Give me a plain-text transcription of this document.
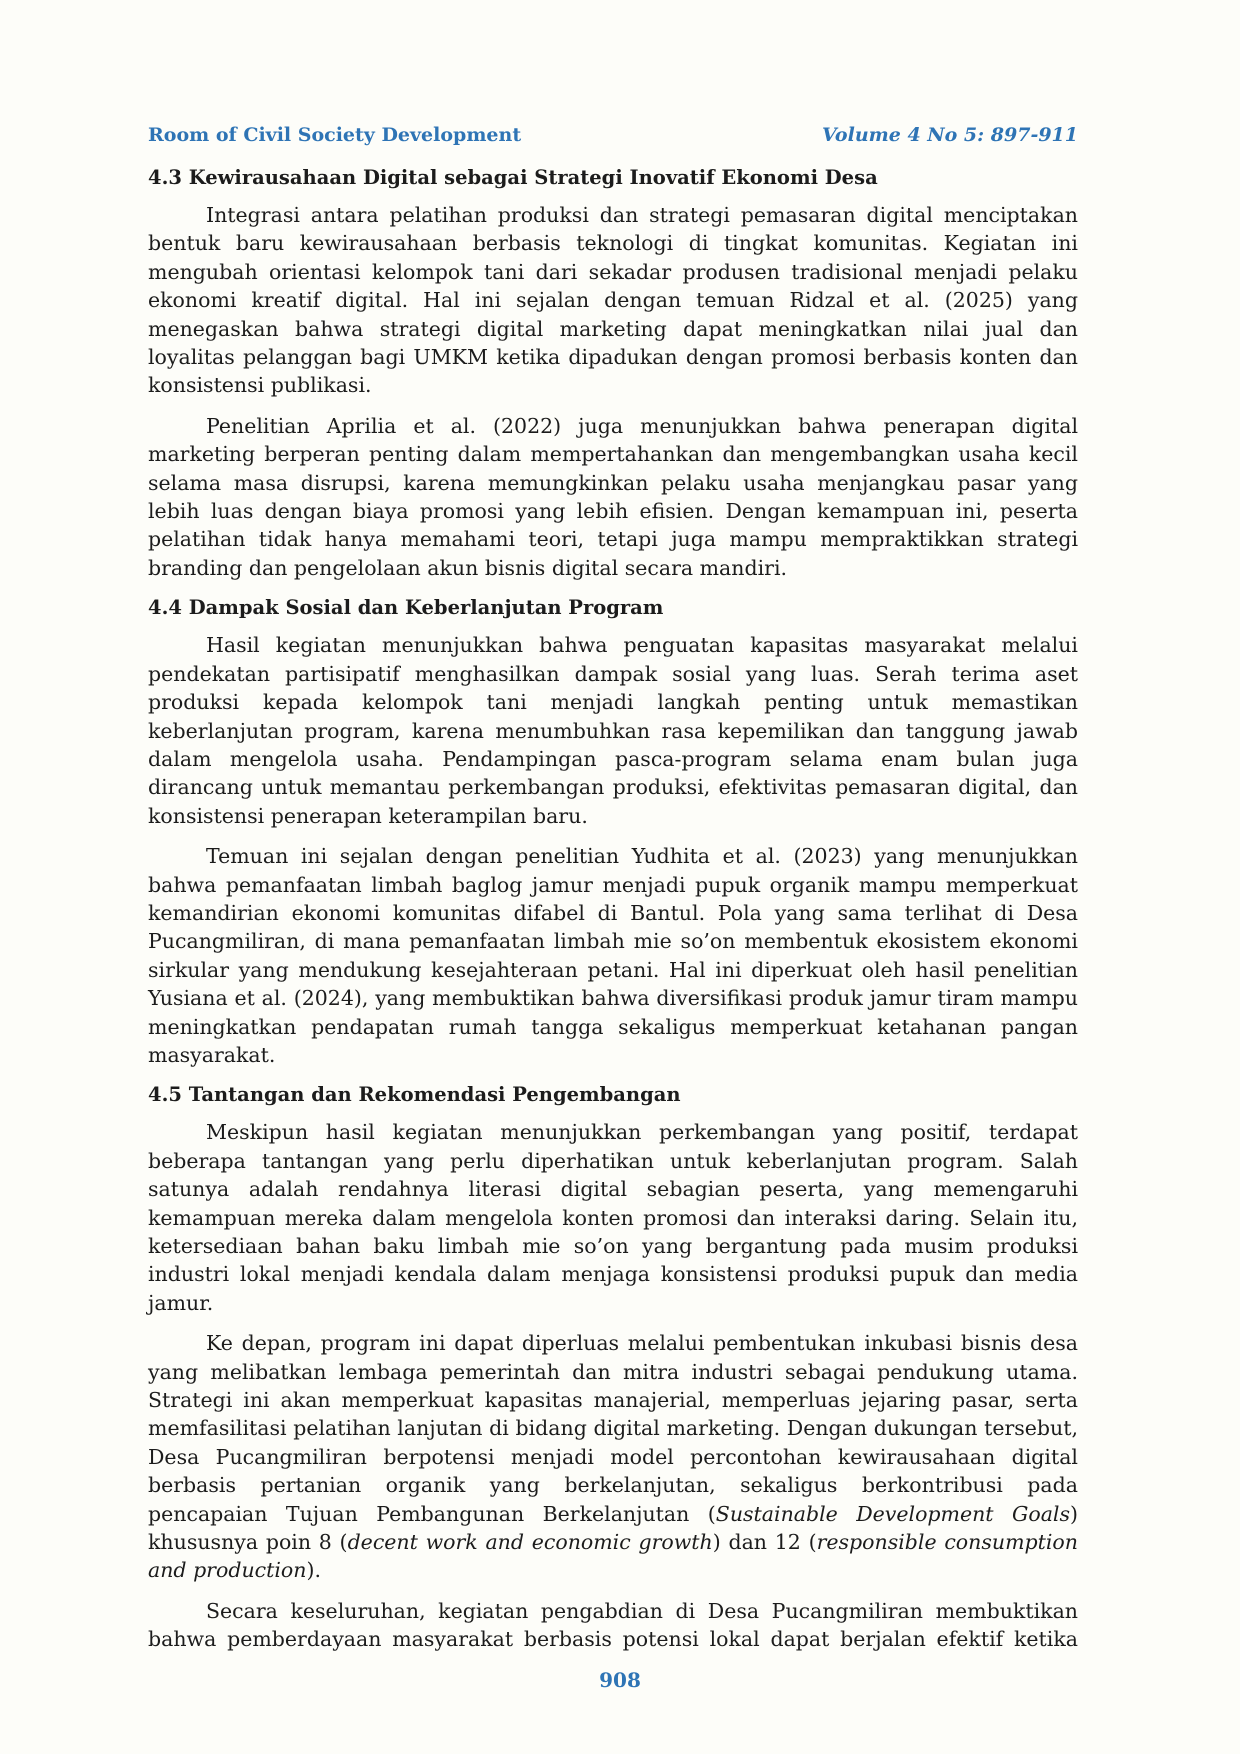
Room of Civil Society Development	Volume 4 No 5: 897-911
4.3 Kewirausahaan Digital sebagai Strategi Inovatif Ekonomi Desa

Integrasi antara pelatihan produksi dan strategi pemasaran digital menciptakan bentuk baru kewirausahaan berbasis teknologi di tingkat komunitas. Kegiatan ini mengubah orientasi kelompok tani dari sekadar produsen tradisional menjadi pelaku ekonomi kreatif digital. Hal ini sejalan dengan temuan Ridzal et al. (2025) yang menegaskan bahwa strategi digital marketing dapat meningkatkan nilai jual dan loyalitas pelanggan bagi UMKM ketika dipadukan dengan promosi berbasis konten dan konsistensi publikasi.

Penelitian Aprilia et al. (2022) juga menunjukkan bahwa penerapan digital marketing berperan penting dalam mempertahankan dan mengembangkan usaha kecil selama masa disrupsi, karena memungkinkan pelaku usaha menjangkau pasar yang lebih luas dengan biaya promosi yang lebih efisien. Dengan kemampuan ini, peserta pelatihan tidak hanya memahami teori, tetapi juga mampu mempraktikkan strategi branding dan pengelolaan akun bisnis digital secara mandiri.

4.4 Dampak Sosial dan Keberlanjutan Program

Hasil kegiatan menunjukkan bahwa penguatan kapasitas masyarakat melalui pendekatan partisipatif menghasilkan dampak sosial yang luas. Serah terima aset produksi kepada kelompok tani menjadi langkah penting untuk memastikan keberlanjutan program, karena menumbuhkan rasa kepemilikan dan tanggung jawab dalam mengelola usaha. Pendampingan pasca-program selama enam bulan juga dirancang untuk memantau perkembangan produksi, efektivitas pemasaran digital, dan konsistensi penerapan keterampilan baru.

Temuan ini sejalan dengan penelitian Yudhita et al. (2023) yang menunjukkan bahwa pemanfaatan limbah baglog jamur menjadi pupuk organik mampu memperkuat kemandirian ekonomi komunitas difabel di Bantul. Pola yang sama terlihat di Desa Pucangmiliran, di mana pemanfaatan limbah mie so’on membentuk ekosistem ekonomi sirkular yang mendukung kesejahteraan petani. Hal ini diperkuat oleh hasil penelitian Yusiana et al. (2024), yang membuktikan bahwa diversifikasi produk jamur tiram mampu meningkatkan pendapatan rumah tangga sekaligus memperkuat ketahanan pangan masyarakat.

4.5 Tantangan dan Rekomendasi Pengembangan

Meskipun hasil kegiatan menunjukkan perkembangan yang positif, terdapat beberapa tantangan yang perlu diperhatikan untuk keberlanjutan program. Salah satunya adalah rendahnya literasi digital sebagian peserta, yang memengaruhi kemampuan mereka dalam mengelola konten promosi dan interaksi daring. Selain itu, ketersediaan bahan baku limbah mie so’on yang bergantung pada musim produksi industri lokal menjadi kendala dalam menjaga konsistensi produksi pupuk dan media jamur.

Ke depan, program ini dapat diperluas melalui pembentukan inkubasi bisnis desa yang melibatkan lembaga pemerintah dan mitra industri sebagai pendukung utama. Strategi ini akan memperkuat kapasitas manajerial, memperluas jejaring pasar, serta memfasilitasi pelatihan lanjutan di bidang digital marketing. Dengan dukungan tersebut, Desa Pucangmiliran berpotensi menjadi model percontohan kewirausahaan digital berbasis pertanian organik yang berkelanjutan, sekaligus berkontribusi pada pencapaian Tujuan Pembangunan Berkelanjutan (Sustainable Development Goals) khususnya poin 8 (decent work and economic growth) dan 12 (responsible consumption and production).

Secara keseluruhan, kegiatan pengabdian di Desa Pucangmiliran membuktikan bahwa pemberdayaan masyarakat berbasis potensi lokal dapat berjalan efektif ketika

908
